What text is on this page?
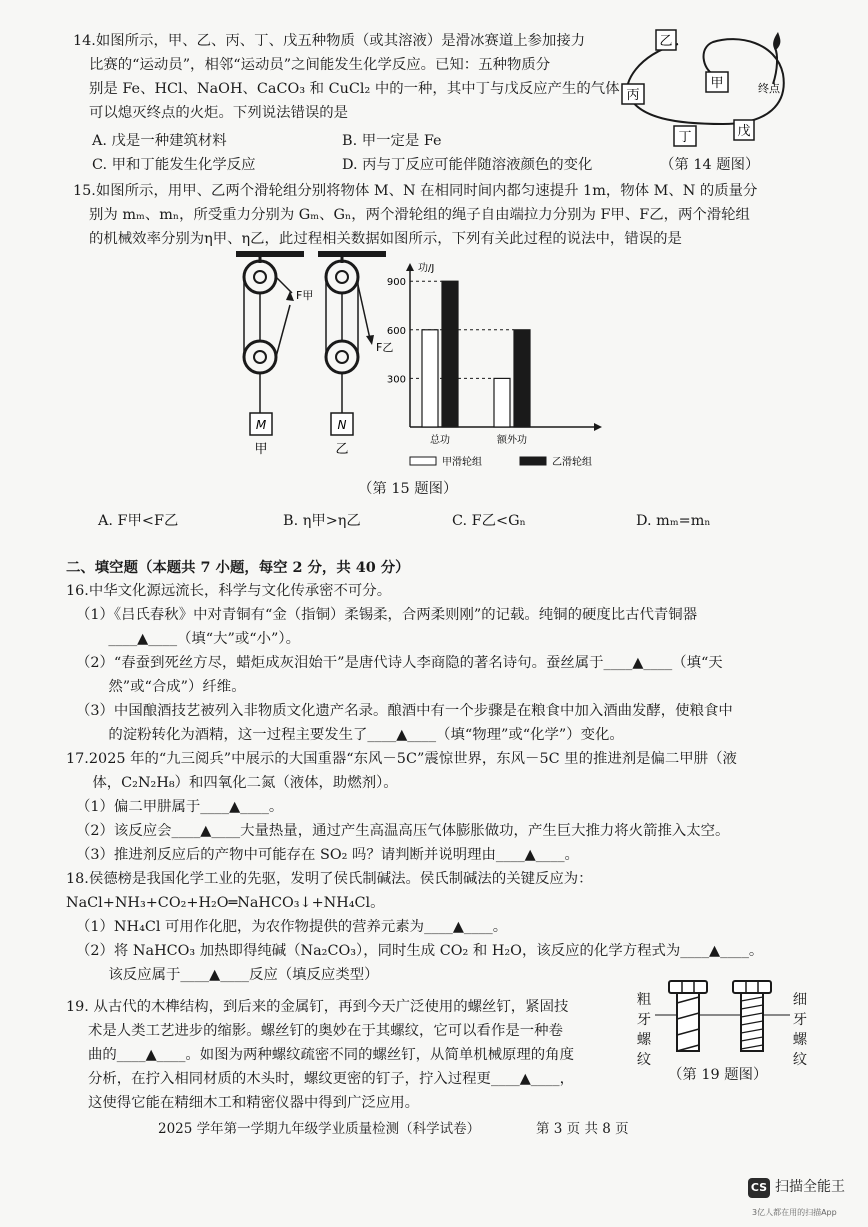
14.如图所示，甲、乙、丙、丁、戊五种物质（或其溶液）是滑冰赛道上参加接力
比赛的“运动员”，相邻“运动员”之间能发生化学反应。已知：五种物质分
别是 Fe、HCl、NaOH、CaCO₃ 和 CuCl₂ 中的一种，其中丁与戊反应产生的气体
可以熄灭终点的火炬。下列说法错误的是
A. 戊是一种建筑材料	B. 甲一定是 Fe
C. 甲和丁能发生化学反应	D. 丙与丁反应可能伴随溶液颜色的变化
乙
甲
丙
丁	戊
终点
（第 14 题图）
15.如图所示，用甲、乙两个滑轮组分别将物体 M、N 在相同时间内都匀速提升 1m，物体 M、N 的质量分
别为 mₘ、mₙ，所受重力分别为 Gₘ、Gₙ，两个滑轮组的绳子自由端拉力分别为 F甲、F乙，两个滑轮组
的机械效率分别为η甲、η乙，此过程相关数据如图所示，下列有关此过程的说法中，错误的是
F甲
M
甲
F乙
N
乙
功/J
总功	额外功
300
600
900
甲滑轮组	乙滑轮组
（第 15 题图）
A. F甲<F乙	B. η甲>η乙	C. F乙<Gₙ	D. mₘ=mₙ
二、填空题（本题共 7 小题，每空 2 分，共 40 分）
16.中华文化源远流长，科学与文化传承密不可分。
（1）《吕氏春秋》中对青铜有“金（指铜）柔锡柔，合两柔则刚”的记载。纯铜的硬度比古代青铜器
　____▲____（填“大”或“小”）。
（2）“春蚕到死丝方尽，蜡炬成灰泪始干”是唐代诗人李商隐的著名诗句。蚕丝属于____▲____（填“天
　然”或“合成”）纤维。
（3）中国酿酒技艺被列入非物质文化遗产名录。酿酒中有一个步骤是在粮食中加入酒曲发酵，使粮食中
　的淀粉转化为酒精，这一过程主要发生了____▲____（填“物理”或“化学”）变化。
17.2025 年的“九三阅兵”中展示的大国重器“东风－5C”震惊世界，东风－5C 里的推进剂是偏二甲肼（液
　体，C₂N₂H₈）和四氧化二氮（液体，助燃剂）。
（1）偏二甲肼属于____▲____。
（2）该反应会____▲____大量热量，通过产生高温高压气体膨胀做功，产生巨大推力将火箭推入太空。
（3）推进剂反应后的产物中可能存在 SO₂ 吗？请判断并说明理由____▲____。
18.侯德榜是我国化学工业的先驱，发明了侯氏制碱法。侯氏制碱法的关键反应为：
NaCl+NH₃+CO₂+H₂O═NaHCO₃↓+NH₄Cl。
（1）NH₄Cl 可用作化肥，为农作物提供的营养元素为____▲____。
（2）将 NaHCO₃ 加热即得纯碱（Na₂CO₃），同时生成 CO₂ 和 H₂O，该反应的化学方程式为____▲____。
　该反应属于____▲____反应（填反应类型）
19. 从古代的木榫结构，到后来的金属钉，再到今天广泛使用的螺丝钉，紧固技
术是人类工艺进步的缩影。螺丝钉的奥妙在于其螺纹，它可以看作是一种卷
曲的____▲____。如图为两种螺纹疏密不同的螺丝钉，从简单机械原理的角度
分析，在拧入相同材质的木头时，螺纹更密的钉子，拧入过程更____▲____，
这使得它能在精细木工和精密仪器中得到广泛应用。
粗
牙
螺
纹
细
牙
螺
纹
（第 19 题图）
2025 学年第一学期九年级学业质量检测（科学试卷）	第 3 页 共 8 页
CS 扫描全能王
3亿人都在用的扫描App
